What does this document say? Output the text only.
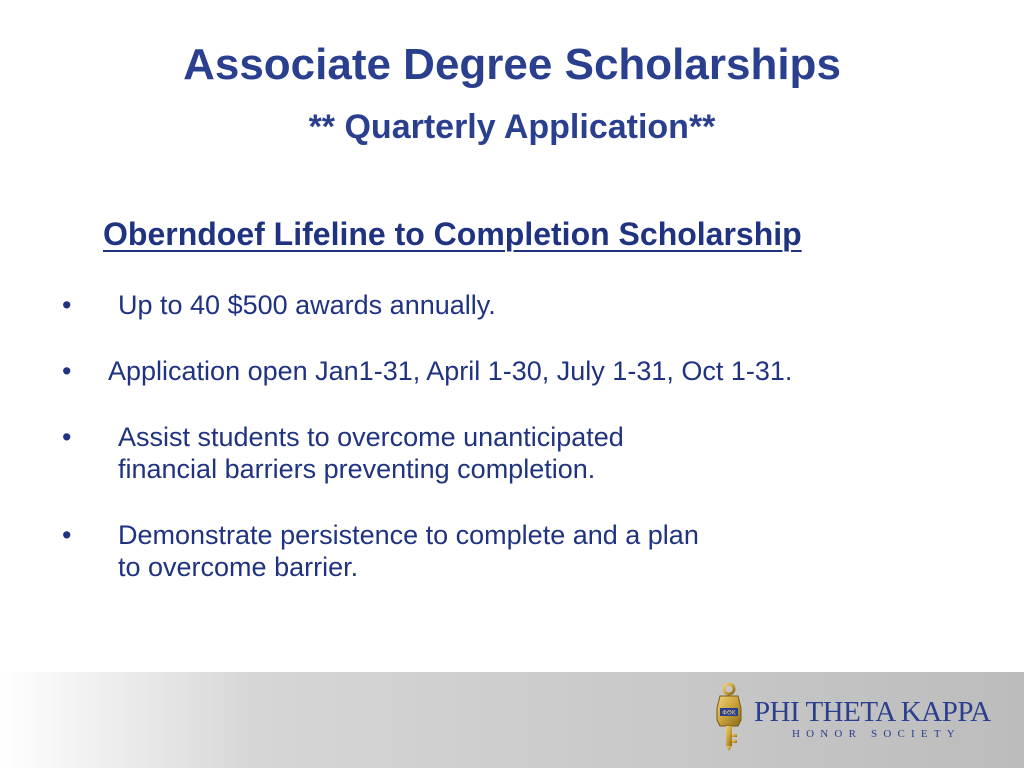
Associate Degree Scholarships
** Quarterly Application**
Oberndoef Lifeline to Completion Scholarship
• Up to 40 $500 awards annually.
• Application open Jan1-31, April 1-30, July 1-31, Oct 1-31.
• Assist students to overcome unanticipated
financial barriers preventing completion.
• Demonstrate persistence to complete and a plan
to overcome barrier.
ΦΘΚ PHI THETA KAPPA
HONOR SOCIETY
